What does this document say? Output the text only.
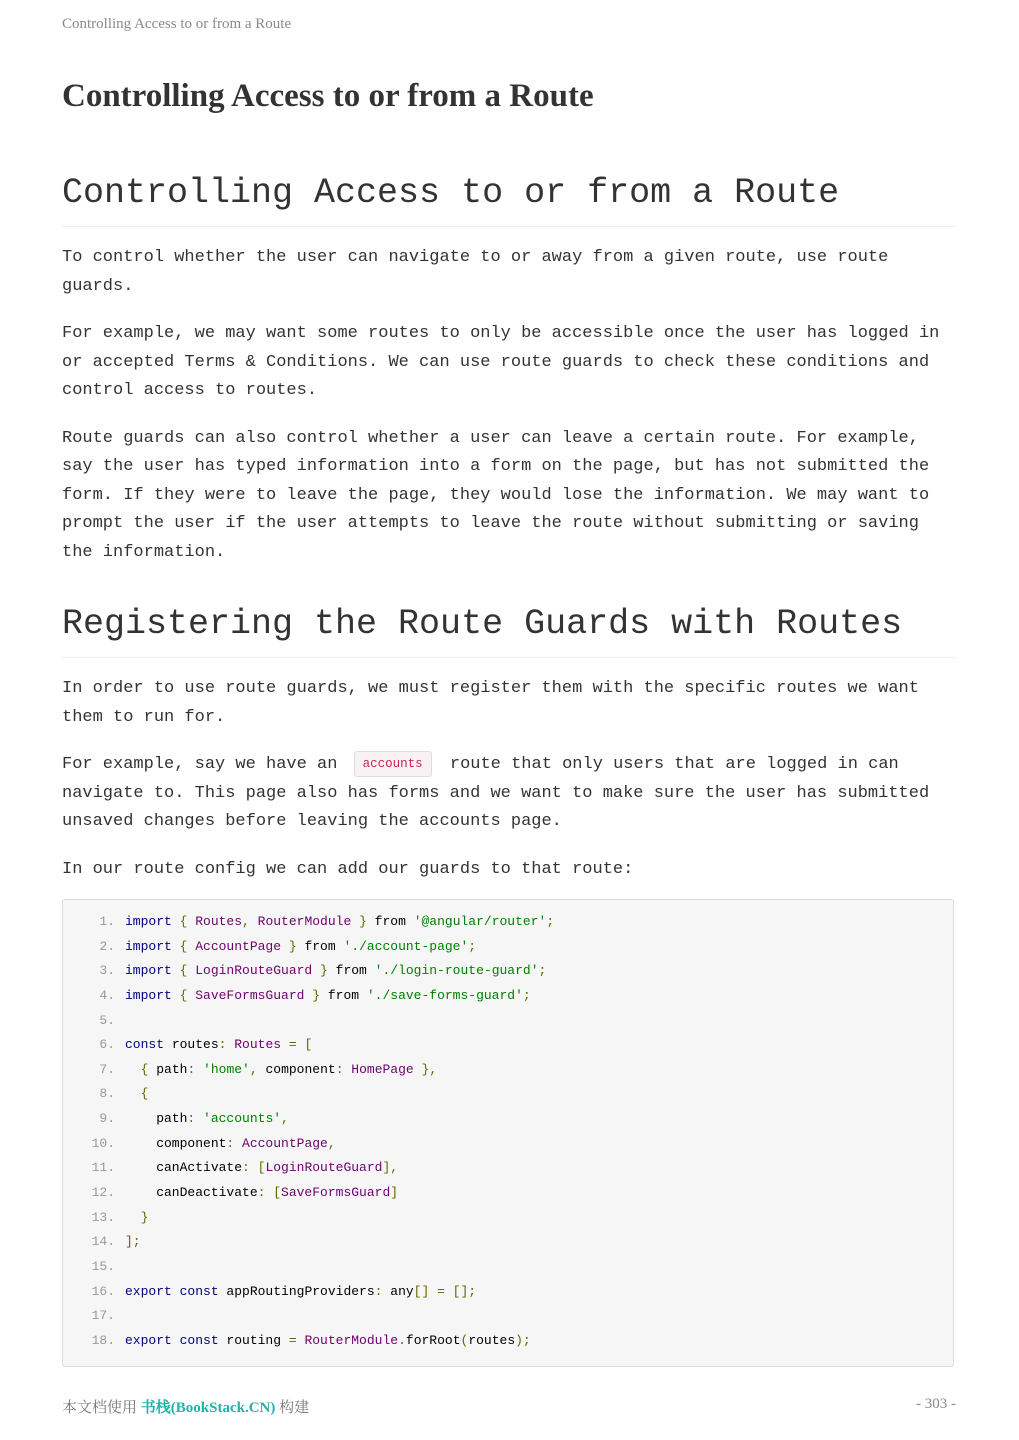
Controlling Access to or from a Route
Controlling Access to or from a Route
Controlling Access to or from a Route

To control whether the user can navigate to or away from a given route, use route guards.

For example, we may want some routes to only be accessible once the user has logged in or accepted Terms & Conditions. We can use route guards to check these conditions and control access to routes.

Route guards can also control whether a user can leave a certain route. For example, say the user has typed information into a form on the page, but has not submitted the form. If they were to leave the page, they would lose the information. We may want to prompt the user if the user attempts to leave the route without submitting or saving the information.

Registering the Route Guards with Routes

In order to use route guards, we must register them with the specific routes we want them to run for.

For example, say we have an accounts route that only users that are logged in can navigate to. This page also has forms and we want to make sure the user has submitted unsaved changes before leaving the accounts page.

In our route config we can add our guards to that route:

1. import { Routes, RouterModule } from '@angular/router';
2. import { AccountPage } from './account-page';
3. import { LoginRouteGuard } from './login-route-guard';
4. import { SaveFormsGuard } from './save-forms-guard';
5.
6. const routes: Routes = [
7.  { path: 'home', component: HomePage },
8.  {
9.    path: 'accounts',
10.    component: AccountPage,
11.    canActivate: [LoginRouteGuard],
12.    canDeactivate: [SaveFormsGuard]
13.  }
14. ];
15.
16. export const appRoutingProviders: any[] = [];
17.
18. export const routing = RouterModule.forRoot(routes);
本文档使用 书栈(BookStack.CN) 构建	- 303 -
